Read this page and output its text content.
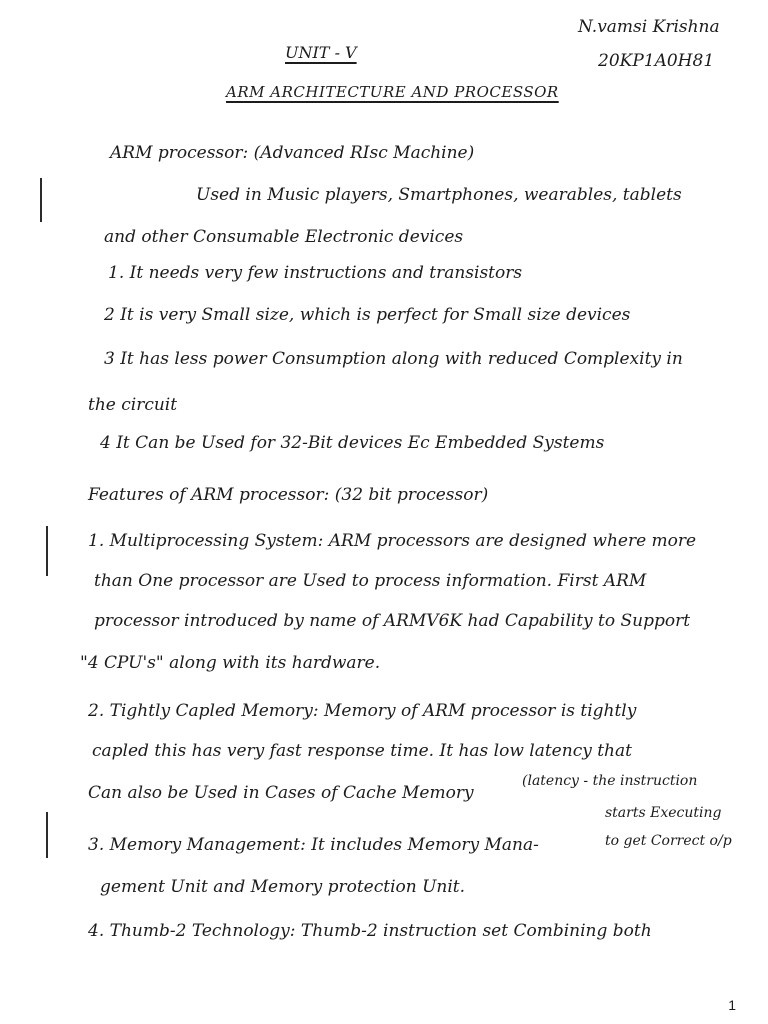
N.vamsi Krishna
20KP1A0H81
UNIT - V
ARM ARCHITECTURE AND PROCESSOR
ARM processor: (Advanced RIsc Machine)
Used in Music players, Smartphones, wearables, tablets
and other Consumable Electronic devices
1. It needs very few instructions and transistors
2 It is very Small size, which is perfect for Small size devices
3 It has less power Consumption along with reduced Complexity in
the circuit
4 It Can be Used for 32-Bit devices Ec Embedded Systems
Features of ARM processor: (32 bit processor)
1. Multiprocessing System: ARM processors are designed where more
than One processor are Used to process information. First ARM
processor introduced by name of ARMV6K had Capability to Support
"4 CPU's" along with its hardware.
2. Tightly Capled Memory: Memory of ARM processor is tightly
capled this has very fast response time. It has low latency that
Can also be Used in Cases of Cache Memory
(latency - the instruction
starts Executing
to get Correct o/p
3. Memory Management: It includes Memory Mana-
gement Unit and Memory protection Unit.
4. Thumb-2 Technology: Thumb-2 instruction set Combining both
1
